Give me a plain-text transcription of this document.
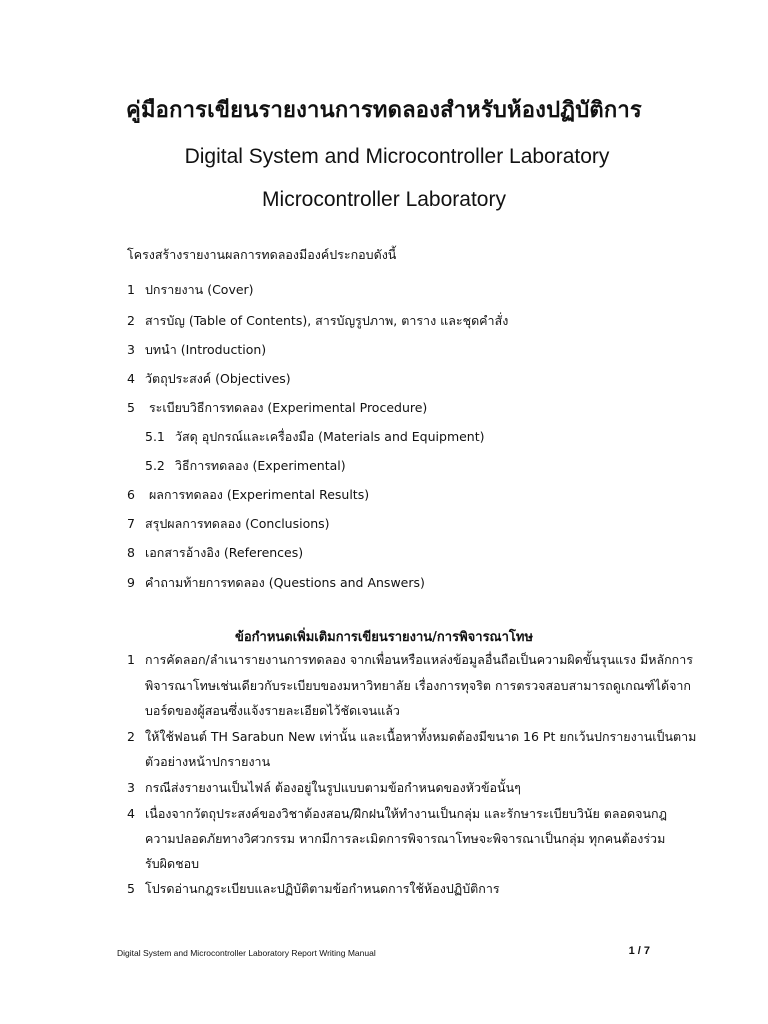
คู่มือการเขียนรายงานการทดลองสำหรับห้องปฏิบัติการ
Digital System and Microcontroller Laboratory
Microcontroller Laboratory
โครงสร้างรายงานผลการทดลองมีองค์ประกอบดังนี้
1 ปกรายงาน (Cover)
2 สารบัญ (Table of Contents), สารบัญรูปภาพ, ตาราง และชุดคำสั่ง
3 บทนำ (Introduction)
4 วัตถุประสงค์ (Objectives)
5 ระเบียบวิธีการทดลอง (Experimental Procedure)
5.1 วัสดุ อุปกรณ์และเครื่องมือ (Materials and Equipment)
5.2 วิธีการทดลอง (Experimental)
6 ผลการทดลอง (Experimental Results)
7 สรุปผลการทดลอง (Conclusions)
8 เอกสารอ้างอิง (References)
9 คำถามท้ายการทดลอง (Questions and Answers)
ข้อกำหนดเพิ่มเติมการเขียนรายงาน/การพิจารณาโทษ
1 การคัดลอก/ลำเนารายงานการทดลอง จากเพื่อนหรือแหล่งข้อมูลอื่นถือเป็นความผิดขั้นรุนแรง มีหลักการ
พิจารณาโทษเช่นเดียวกับระเบียบของมหาวิทยาลัย เรื่องการทุจริต การตรวจสอบสามารถดูเกณฑ์ได้จาก
บอร์ดของผู้สอนซึ่งแจ้งรายละเอียดไว้ชัดเจนแล้ว
2 ให้ใช้ฟอนต์ TH Sarabun New เท่านั้น และเนื้อหาทั้งหมดต้องมีขนาด 16 Pt ยกเว้นปกรายงานเป็นตาม
ตัวอย่างหน้าปกรายงาน
3 กรณีส่งรายงานเป็นไฟล์ ต้องอยู่ในรูปแบบตามข้อกำหนดของหัวข้อนั้นๆ
4 เนื่องจากวัตถุประสงค์ของวิชาต้องสอน/ฝึกฝนให้ทำงานเป็นกลุ่ม และรักษาระเบียบวินัย ตลอดจนกฎ
ความปลอดภัยทางวิศวกรรม หากมีการละเมิดการพิจารณาโทษจะพิจารณาเป็นกลุ่ม ทุกคนต้องร่วม
รับผิดชอบ
5 โปรดอ่านกฎระเบียบและปฏิบัติตามข้อกำหนดการใช้ห้องปฏิบัติการ
Digital System and Microcontroller Laboratory Report Writing Manual	1 / 7
